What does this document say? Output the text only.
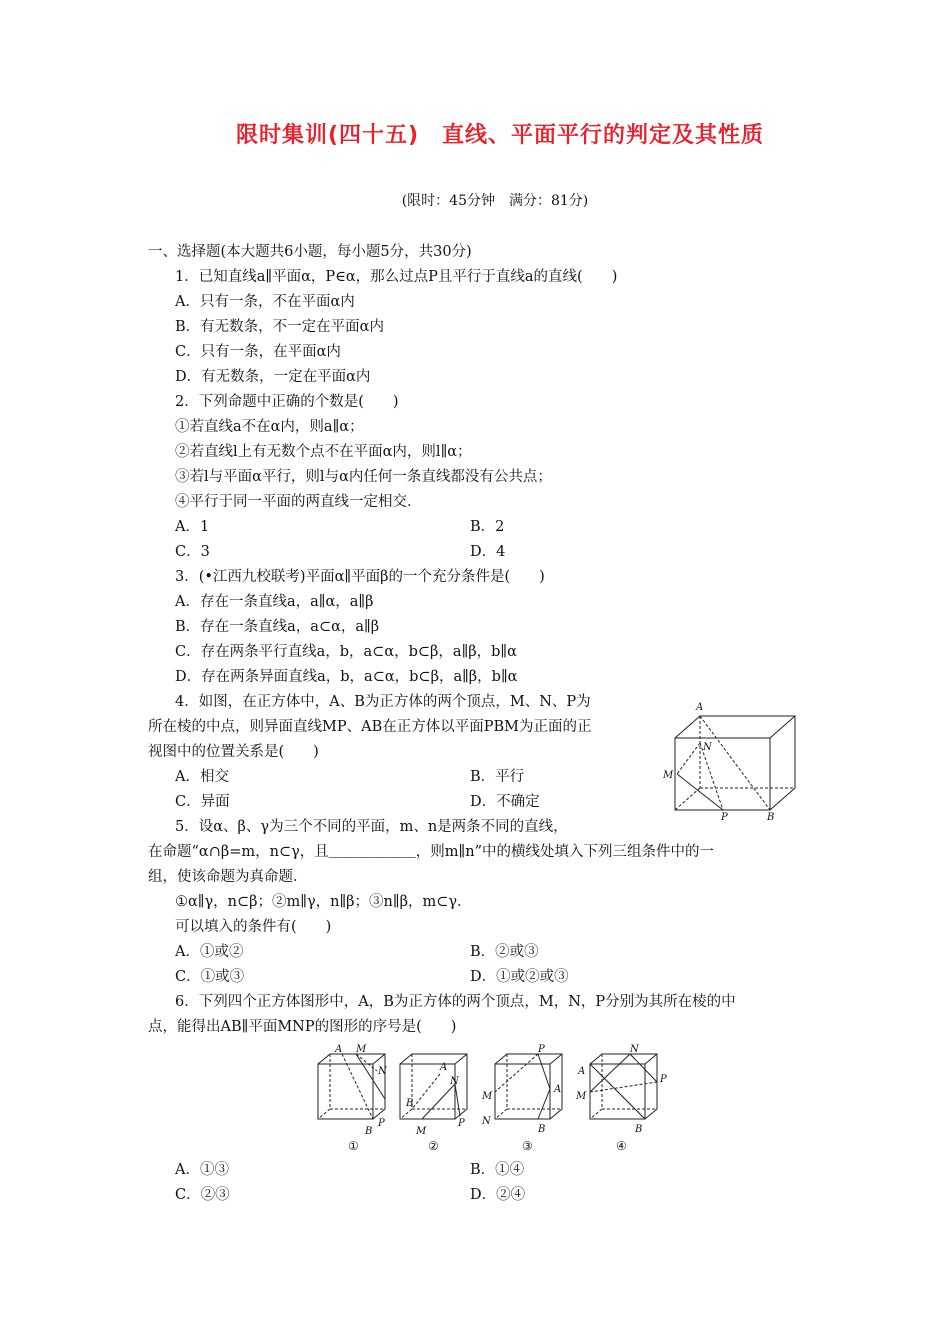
限时集训(四十五)　直线、平面平行的判定及其性质
(限时：45分钟　满分：81分)
一、选择题(本大题共6小题，每小题5分，共30分)
1．已知直线a∥平面α，P∈α，那么过点P且平行于直线a的直线(　　)
A．只有一条，不在平面α内
B．有无数条，不一定在平面α内
C．只有一条，在平面α内
D．有无数条，一定在平面α内
2．下列命题中正确的个数是(　　)
①若直线a不在α内，则a∥α；
②若直线l上有无数个点不在平面α内，则l∥α；
③若l与平面α平行，则l与α内任何一条直线都没有公共点；
④平行于同一平面的两直线一定相交．
A．1	B．2
C．3	D．4
3．(•江西九校联考)平面α∥平面β的一个充分条件是(　　)
A．存在一条直线a，a∥α，a∥β
B．存在一条直线a，a⊂α，a∥β
C．存在两条平行直线a，b，a⊂α，b⊂β，a∥β，b∥α
D．存在两条异面直线a，b，a⊂α，b⊂β，a∥β，b∥α
4．如图，在正方体中，A、B为正方体的两个顶点，M、N、P为
所在棱的中点，则异面直线MP、AB在正方体以平面PBM为正面的正
视图中的位置关系是(　　)
A．相交	B．平行
C．异面	D．不确定
A
N
M
P	B
5．设α、β、γ为三个不同的平面，m、n是两条不同的直线，
在命题“α∩β=m，n⊂γ，且＿＿＿＿＿＿，则m∥n”中的横线处填入下列三组条件中的一
组，使该命题为真命题．
①α∥γ，n⊂β；②m∥γ，n∥β；③n∥β，m⊂γ．
可以填入的条件有(　　)
A．①或②	B．②或③
C．①或③	D．①或②或③
6．下列四个正方体图形中，A，B为正方体的两个顶点，M，N，P分别为其所在棱的中
点，能得出AB∥平面MNP的图形的序号是(　　)
A M
N
P
B
A
N
B
M
P
P
A
M
N
B
N
A
P
M
B
①	②	③	④
A．①③	B．①④
C．②③	D．②④
